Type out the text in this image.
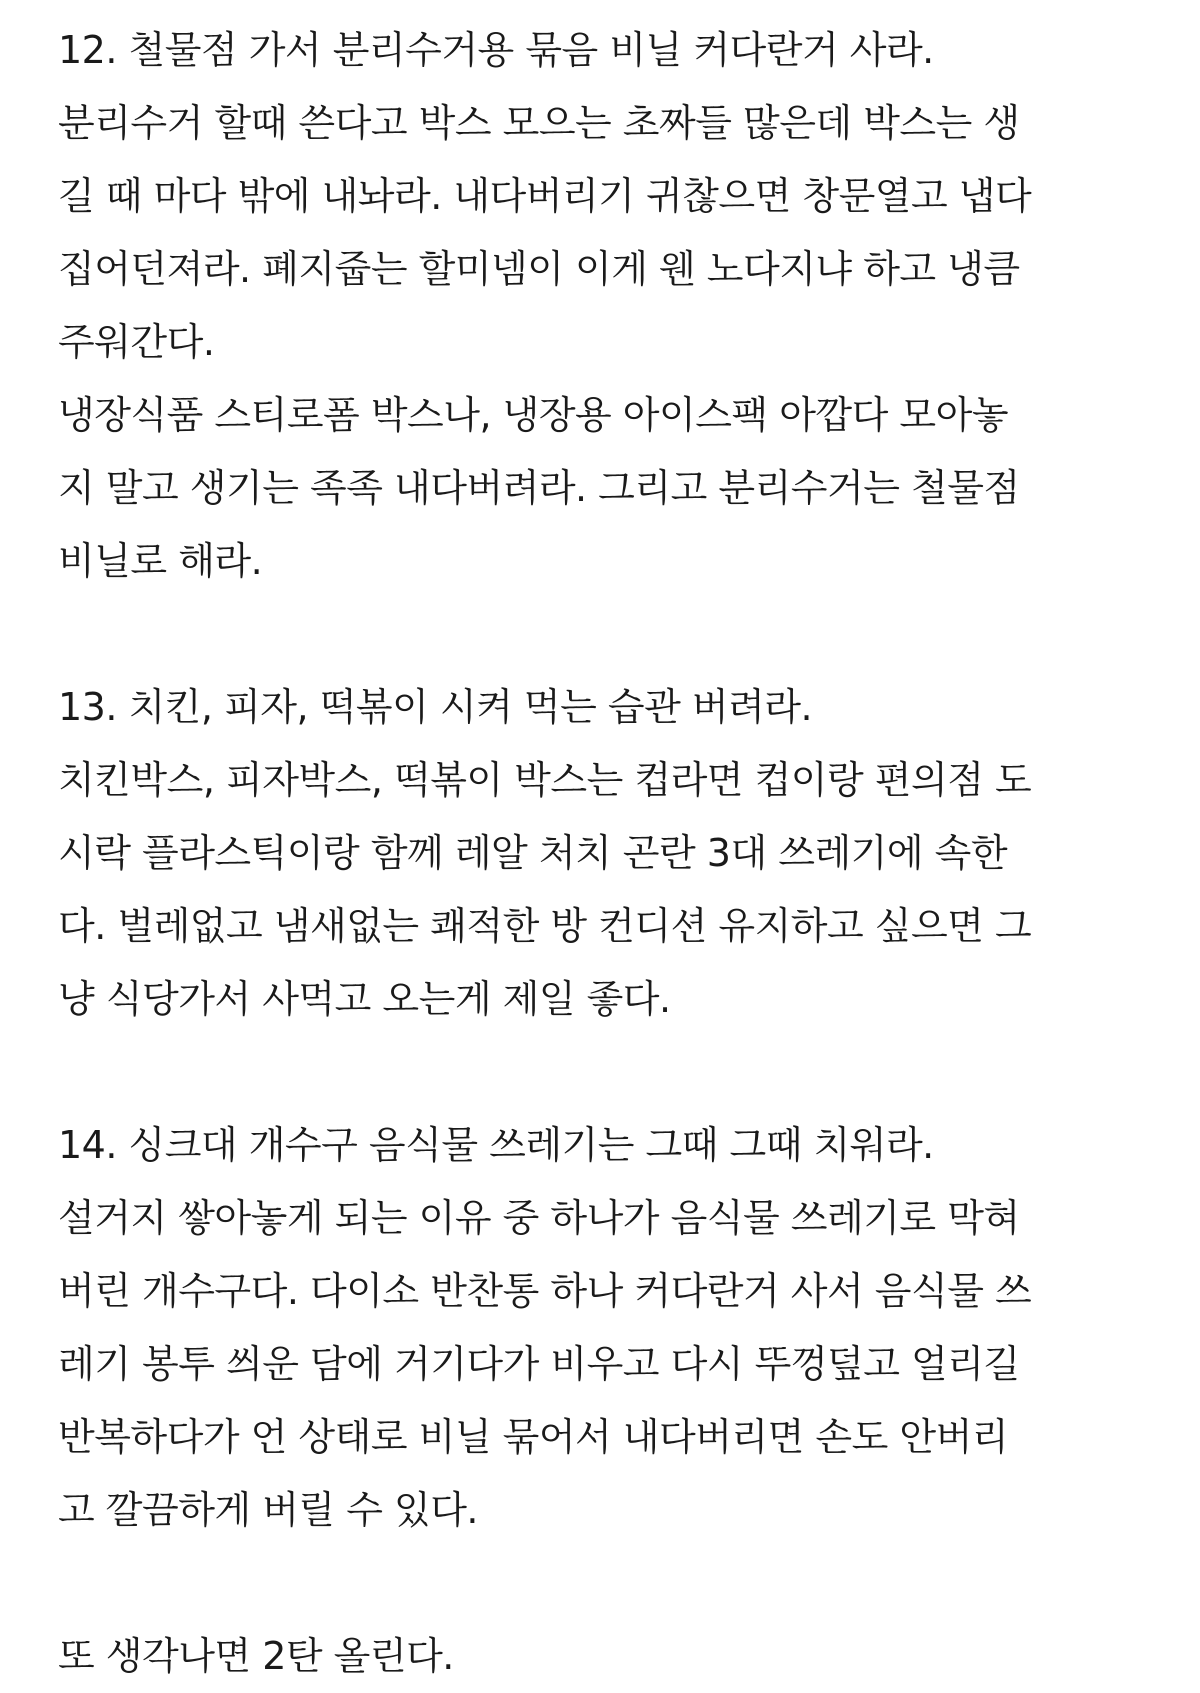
12. 철물점 가서 분리수거용 묶음 비닐 커다란거 사라.
분리수거 할때 쓴다고 박스 모으는 초짜들 많은데 박스는 생
길 때 마다 밖에 내놔라. 내다버리기 귀찮으면 창문열고 냅다
집어던져라. 폐지줍는 할미넴이 이게 웬 노다지냐 하고 냉큼
주워간다.
냉장식품 스티로폼 박스나, 냉장용 아이스팩 아깝다 모아놓
지 말고 생기는 족족 내다버려라. 그리고 분리수거는 철물점
비닐로 해라.
13. 치킨, 피자, 떡볶이 시켜 먹는 습관 버려라.
치킨박스, 피자박스, 떡볶이 박스는 컵라면 컵이랑 편의점 도
시락 플라스틱이랑 함께 레알 처치 곤란 3대 쓰레기에 속한
다. 벌레없고 냄새없는 쾌적한 방 컨디션 유지하고 싶으면 그
냥 식당가서 사먹고 오는게 제일 좋다.
14. 싱크대 개수구 음식물 쓰레기는 그때 그때 치워라.
설거지 쌓아놓게 되는 이유 중 하나가 음식물 쓰레기로 막혀
버린 개수구다. 다이소 반찬통 하나 커다란거 사서 음식물 쓰
레기 봉투 씌운 담에 거기다가 비우고 다시 뚜껑덮고 얼리길
반복하다가 언 상태로 비닐 묶어서 내다버리면 손도 안버리
고 깔끔하게 버릴 수 있다.
또 생각나면 2탄 올린다.
